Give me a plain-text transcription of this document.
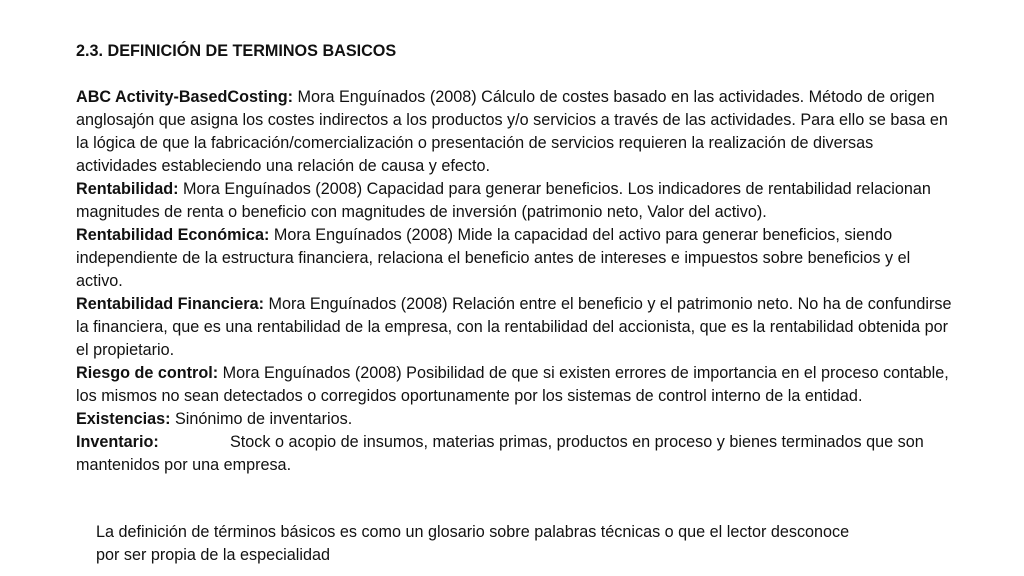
2.3. DEFINICIÓN DE TERMINOS BASICOS

ABC Activity-BasedCosting: Mora Enguínados (2008) Cálculo de costes basado en las actividades. Método de origen anglosajón que asigna los costes indirectos a los productos y/o servicios a través de las actividades. Para ello se basa en la lógica de que la fabricación/comercialización o presentación de servicios requieren la realización de diversas actividades estableciendo una relación de causa y efecto.

Rentabilidad: Mora Enguínados (2008) Capacidad para generar beneficios. Los indicadores de rentabilidad relacionan magnitudes de renta o beneficio con magnitudes de inversión (patrimonio neto, Valor del activo).

Rentabilidad Económica: Mora Enguínados (2008) Mide la capacidad del activo para generar beneficios, siendo independiente de la estructura financiera, relaciona el beneficio antes de intereses e impuestos sobre beneficios y el activo.

Rentabilidad Financiera: Mora Enguínados (2008) Relación entre el beneficio y el patrimonio neto. No ha de confundirse la financiera, que es una rentabilidad de la empresa, con la rentabilidad del accionista, que es la rentabilidad obtenida por el propietario.

Riesgo de control: Mora Enguínados (2008) Posibilidad de que si existen errores de importancia en el proceso contable, los mismos no sean detectados o corregidos oportunamente por los sistemas de control interno de la entidad.

Existencias: Sinónimo de inventarios.

Inventario:	Stock o acopio de insumos, materias primas, productos en proceso y bienes terminados que son mantenidos por una empresa.

La definición de términos básicos es como un glosario sobre palabras técnicas o que el lector desconoce por ser propia de la especialidad
